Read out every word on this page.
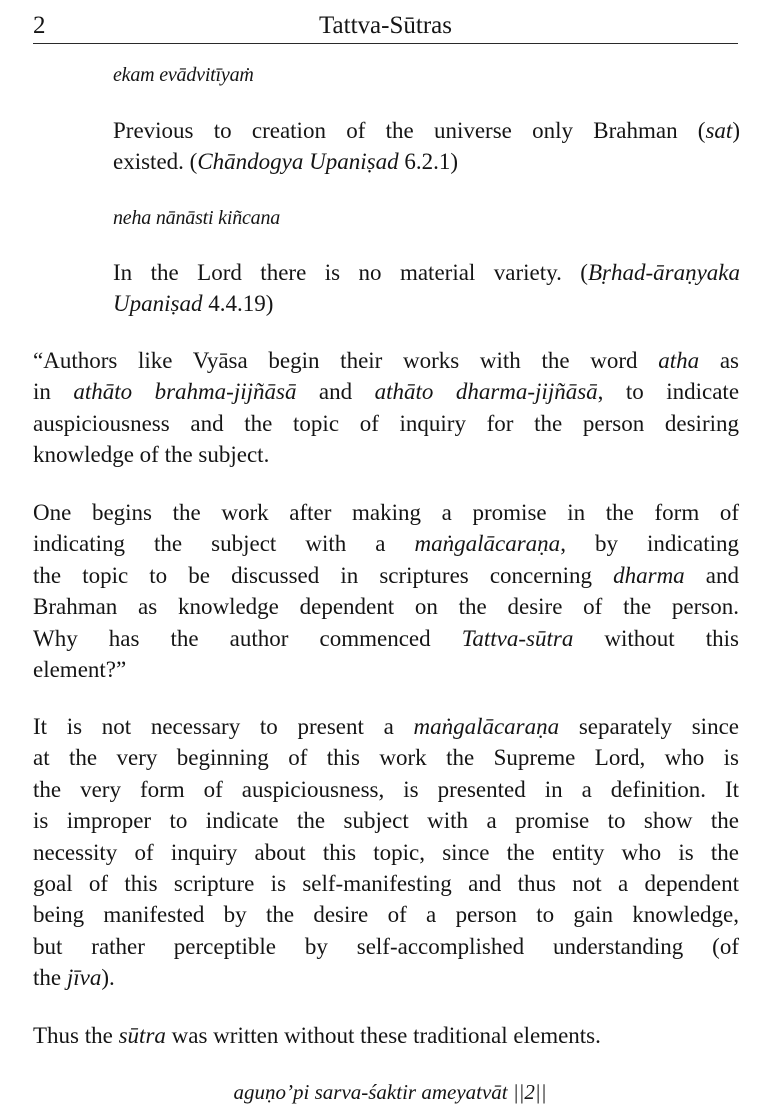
2	Tattva-Sūtras
ekam evādvitīyaṁ
Previous to creation of the universe only Brahman (sat)
existed. (Chāndogya Upaniṣad 6.2.1)
neha nānāsti kiñcana
In the Lord there is no material variety. (Bṛhad-āraṇyaka
Upaniṣad 4.4.19)
“Authors like Vyāsa begin their works with the word atha as
in athāto brahma-jijñāsā and athāto dharma-jijñāsā, to indicate
auspiciousness and the topic of inquiry for the person desiring
knowledge of the subject.
One begins the work after making a promise in the form of
indicating the subject with a maṅgalācaraṇa, by indicating
the topic to be discussed in scriptures concerning dharma and
Brahman as knowledge dependent on the desire of the person.
Why has the author commenced Tattva-sūtra without this
element?”
It is not necessary to present a maṅgalācaraṇa separately since
at the very beginning of this work the Supreme Lord, who is
the very form of auspiciousness, is presented in a definition. It
is improper to indicate the subject with a promise to show the
necessity of inquiry about this topic, since the entity who is the
goal of this scripture is self-manifesting and thus not a dependent
being manifested by the desire of a person to gain knowledge,
but rather perceptible by self-accomplished understanding (of
the jīva).
Thus the sūtra was written without these traditional elements.
aguṇo’pi sarva-śaktir ameyatvāt ||2||
